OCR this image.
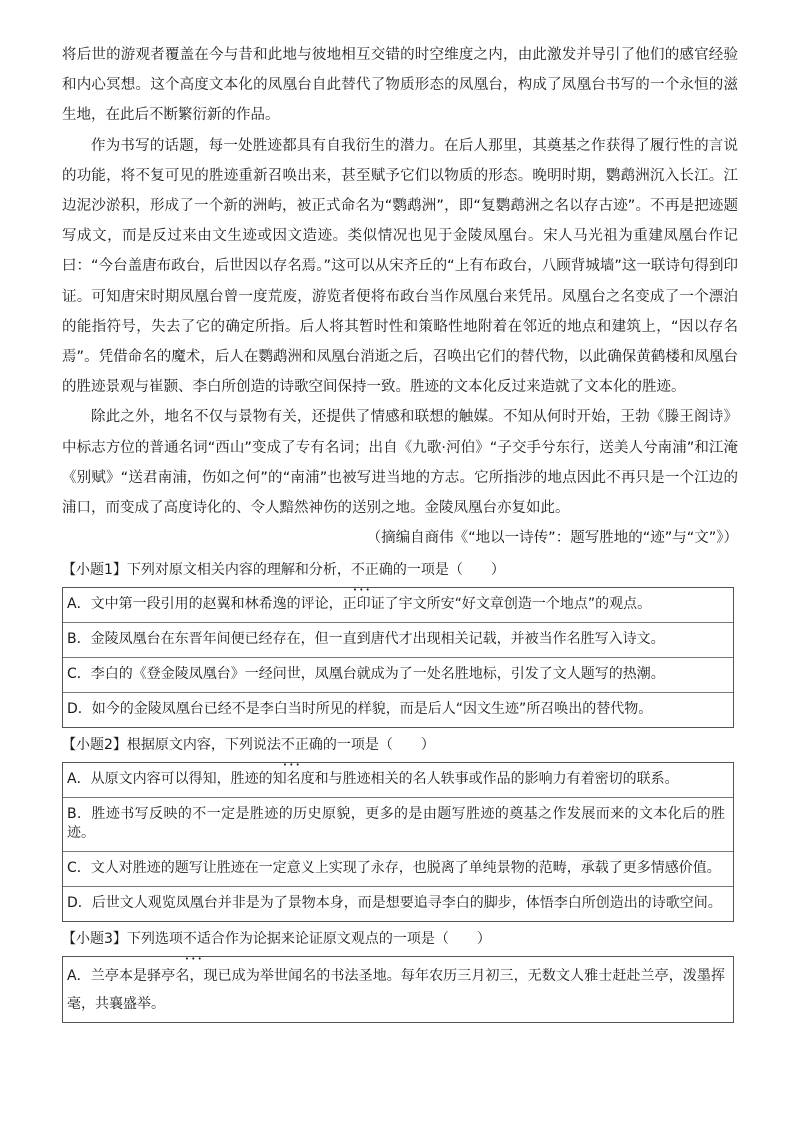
将后世的游观者覆盖在今与昔和此地与彼地相互交错的时空维度之内，由此激发并导引了他们的感官经验和内心冥想。这个高度文本化的凤凰台自此替代了物质形态的凤凰台，构成了凤凰台书写的一个永恒的滋生地，在此后不断繁衍新的作品。

作为书写的话题，每一处胜迹都具有自我衍生的潜力。在后人那里，其奠基之作获得了履行性的言说的功能，将不复可见的胜迹重新召唤出来，甚至赋予它们以物质的形态。晚明时期，鹦鹉洲沉入长江。江边泥沙淤积，形成了一个新的洲屿，被正式命名为“鹦鹉洲”，即“复鹦鹉洲之名以存古迹”。不再是把迹题写成文，而是反过来由文生迹或因文造迹。类似情况也见于金陵凤凰台。宋人马光祖为重建凤凰台作记曰：“今台盖唐布政台，后世因以存名焉。”这可以从宋齐丘的“上有布政台，八顾背城墙”这一联诗句得到印证。可知唐宋时期凤凰台曾一度荒废，游览者便将布政台当作凤凰台来凭吊。凤凰台之名变成了一个漂泊的能指符号，失去了它的确定所指。后人将其暂时性和策略性地附着在邻近的地点和建筑上，“因以存名焉”。凭借命名的魔术，后人在鹦鹉洲和凤凰台消逝之后，召唤出它们的替代物，以此确保黄鹤楼和凤凰台的胜迹景观与崔颢、李白所创造的诗歌空间保持一致。胜迹的文本化反过来造就了文本化的胜迹。

除此之外，地名不仅与景物有关，还提供了情感和联想的触媒。不知从何时开始，王勃《滕王阁诗》中标志方位的普通名词“西山”变成了专有名词；出自《九歌·河伯》“子交手兮东行，送美人兮南浦”和江淹《别赋》“送君南浦，伤如之何”的“南浦”也被写进当地的方志。它所指涉的地点因此不再只是一个江边的浦口，而变成了高度诗化的、令人黯然神伤的送别之地。金陵凤凰台亦复如此。

（摘编自商伟《“地以一诗传”：题写胜地的“迹”与“文”》）

【小题1】下列对原文相关内容的理解和分析，不正确 • • •的一项是（　　）

A．文中第一段引用的赵翼和林希逸的评论，正印证了宇文所安“好文章创造一个地点”的观点。
B．金陵凤凰台在东晋年间便已经存在，但一直到唐代才出现相关记载，并被当作名胜写入诗文。
C．李白的《登金陵凤凰台》一经问世，凤凰台就成为了一处名胜地标，引发了文人题写的热潮。
D．如今的金陵凤凰台已经不是李白当时所见的样貌，而是后人“因文生迹”所召唤出的替代物。

【小题2】根据原文内容，下列说法不正确 • • •的一项是（　　）

A．从原文内容可以得知，胜迹的知名度和与胜迹相关的名人轶事或作品的影响力有着密切的联系。
B．胜迹书写反映的不一定是胜迹的历史原貌，更多的是由题写胜迹的奠基之作发展而来的文本化后的胜迹。
C．文人对胜迹的题写让胜迹在一定意义上实现了永存，也脱离了单纯景物的范畴，承载了更多情感价值。
D．后世文人观览凤凰台并非是为了景物本身，而是想要追寻李白的脚步，体悟李白所创造出的诗歌空间。

【小题3】下列选项不适合 • • •作为论据来论证原文观点的一项是（　　）

A．兰亭本是驿亭名，现已成为举世闻名的书法圣地。每年农历三月初三，无数文人雅士赶赴兰亭，泼墨挥毫，共襄盛举。
